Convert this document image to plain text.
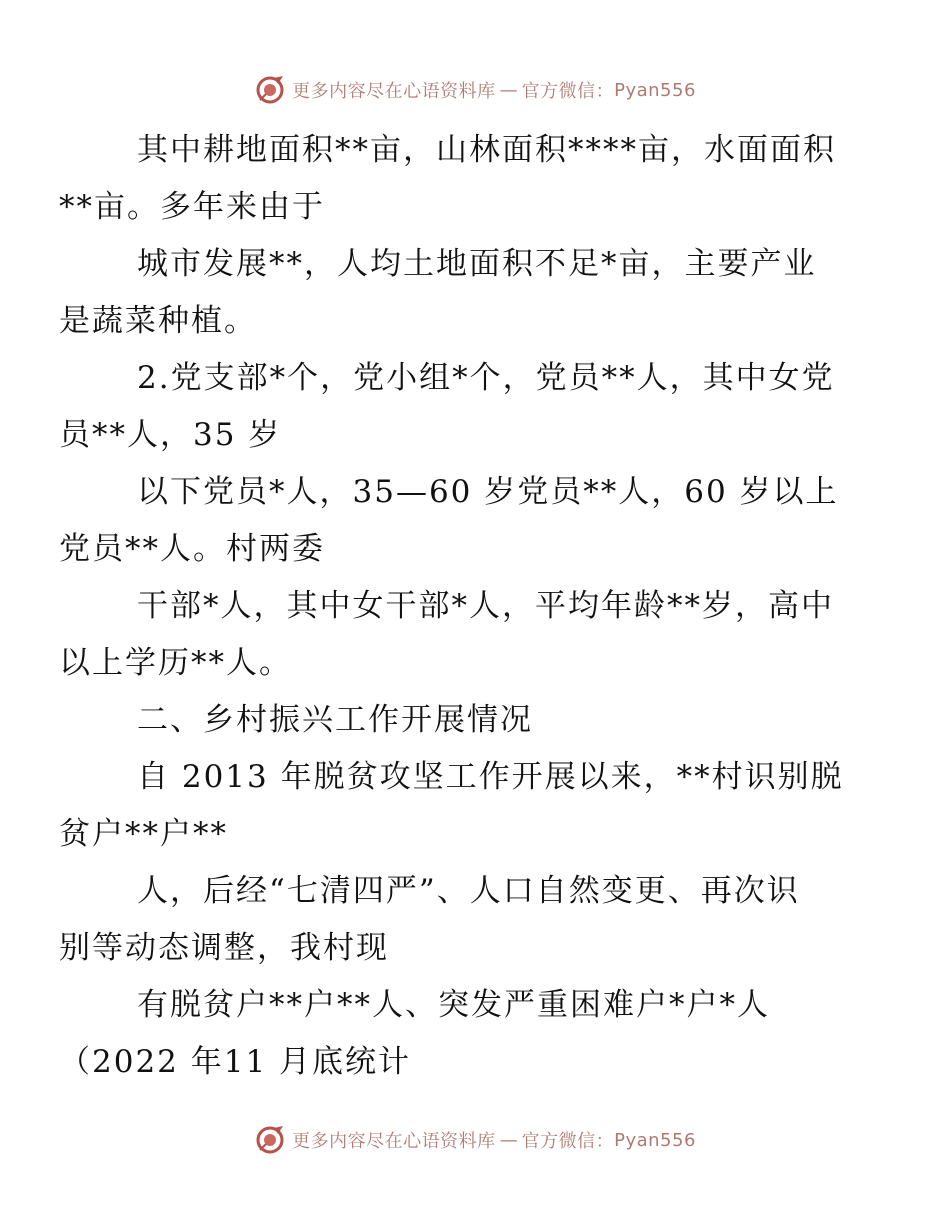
更多内容尽在心语资料库 — 官方微信： Pyan556

其中耕地面积**亩，山林面积****亩，水面面积
**亩。多年来由于

城市发展**，人均土地面积不足*亩，主要产业
是蔬菜种植。

2.党支部*个，党小组*个，党员**人，其中女党
员**人，35 岁

以下党员*人，35—60 岁党员**人，60 岁以上
党员**人。村两委

干部*人，其中女干部*人，平均年龄**岁，高中
以上学历**人。

二、乡村振兴工作开展情况

自 2013 年脱贫攻坚工作开展以来，**村识别脱
贫户**户**

人，后经“七清四严”、人口自然变更、再次识
别等动态调整，我村现

有脱贫户**户**人、突发严重困难户*户*人
（2022 年11 月底统计

更多内容尽在心语资料库 — 官方微信： Pyan556
